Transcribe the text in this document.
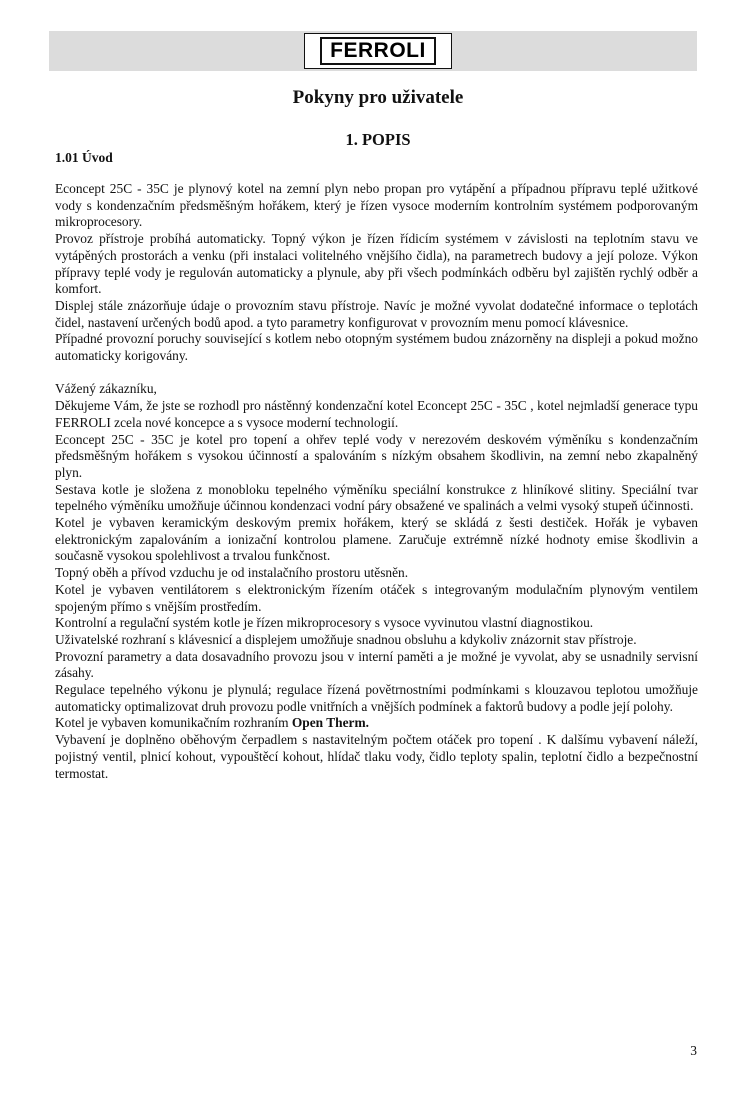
FERROLI
Pokyny pro uživatele
1. POPIS
1.01 Úvod

Econcept 25C - 35C je plynový kotel na zemní plyn nebo propan pro vytápění a případnou přípravu teplé užitkové vody s kondenzačním předsměšným hořákem, který je řízen vysoce moderním kontrolním systémem podporovaným mikroprocesory.

Provoz přístroje probíhá automaticky. Topný výkon je řízen řídicím systémem v závislosti na teplotním stavu ve vytápěných prostorách a venku (při instalaci volitelného vnějšího čidla), na parametrech budovy a její poloze. Výkon přípravy teplé vody je regulován automaticky a plynule, aby při všech podmínkách odběru byl zajištěn rychlý odběr a komfort.

Displej stále znázorňuje údaje o provozním stavu přístroje. Navíc je možné vyvolat dodatečné informace o teplotách čidel, nastavení určených bodů apod. a tyto parametry konfigurovat v provozním menu pomocí klávesnice.

Případné provozní poruchy související s kotlem nebo otopným systémem budou znázorněny na displeji a pokud možno automaticky korigovány.

Vážený zákazníku,

Děkujeme Vám, že jste se rozhodl pro nástěnný kondenzační kotel Econcept 25C - 35C , kotel nejmladší generace typu FERROLI zcela nové koncepce a s vysoce moderní technologií.

Econcept 25C - 35C je kotel pro topení a ohřev teplé vody v nerezovém deskovém výměníku s kondenzačním předsměšným hořákem s vysokou účinností a spalováním s nízkým obsahem škodlivin, na zemní nebo zkapalněný plyn.

Sestava kotle je složena z monobloku tepelného výměníku speciální konstrukce z hliníkové slitiny. Speciální tvar tepelného výměníku umožňuje účinnou kondenzaci vodní páry obsažené ve spalinách a velmi vysoký stupeň účinnosti.

Kotel je vybaven keramickým deskovým premix hořákem, který se skládá z šesti destiček. Hořák je vybaven elektronickým zapalováním a ionizační kontrolou plamene. Zaručuje extrémně nízké hodnoty emise škodlivin a současně vysokou spolehlivost a trvalou funkčnost.

Topný oběh a přívod vzduchu je od instalačního prostoru utěsněn.

Kotel je vybaven ventilátorem s elektronickým řízením otáček s integrovaným modulačním plynovým ventilem spojeným přímo s vnějším prostředím.

Kontrolní a regulační systém kotle je řízen mikroprocesory s vysoce vyvinutou vlastní diagnostikou.

Uživatelské rozhraní s klávesnicí a displejem umožňuje snadnou obsluhu a kdykoliv znázornit stav přístroje.

Provozní parametry a data dosavadního provozu jsou v interní paměti a je možné je vyvolat, aby se usnadnily servisní zásahy.

Regulace tepelného výkonu je plynulá; regulace řízená povětrnostními podmínkami s klouzavou teplotou umožňuje automaticky optimalizovat druh provozu podle vnitřních a vnějších podmínek a faktorů budovy a podle její polohy.

Kotel je vybaven komunikačním rozhraním Open Therm.

Vybavení je doplněno oběhovým čerpadlem s nastavitelným počtem otáček pro topení . K dalšímu vybavení náleží, pojistný ventil, plnicí kohout, vypouštěcí kohout, hlídač tlaku vody, čidlo teploty spalin, teplotní čidlo a bezpečnostní termostat.

3
